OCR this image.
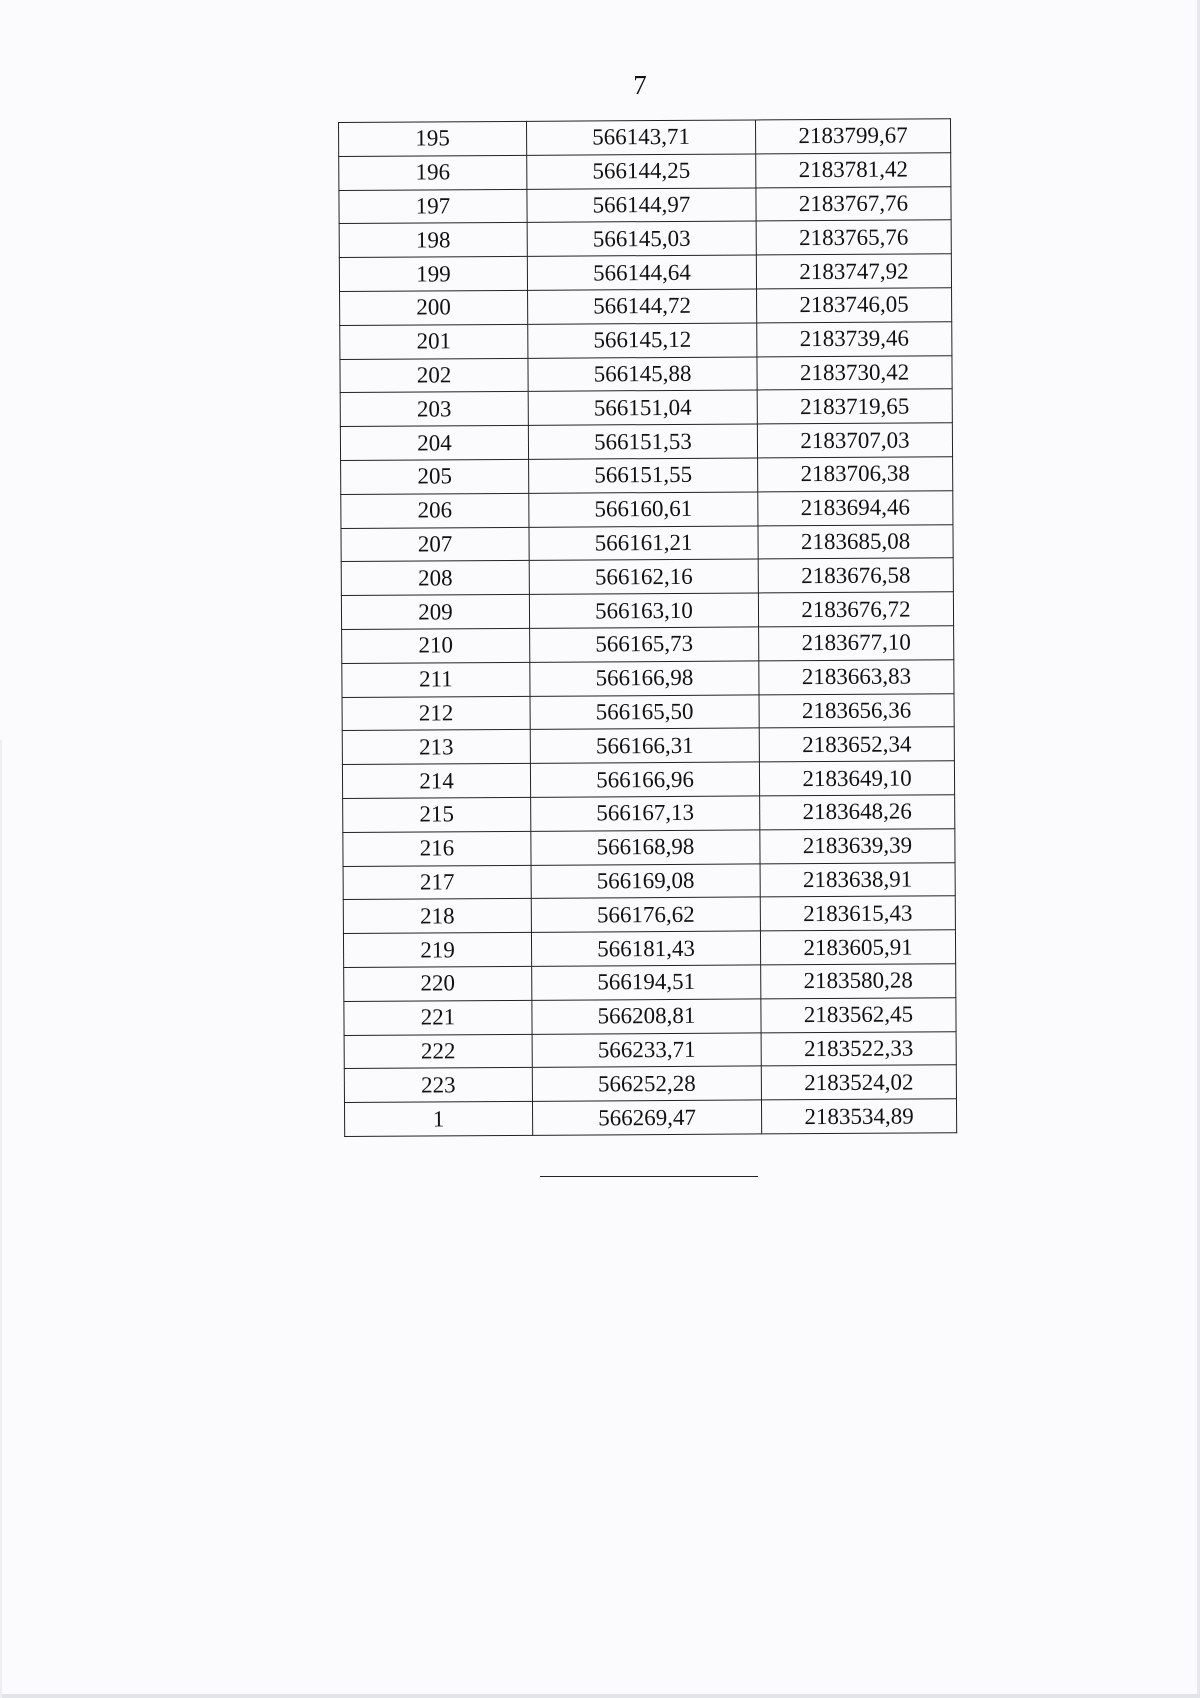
7
195	566143,71	2183799,67
196	566144,25	2183781,42
197	566144,97	2183767,76
198	566145,03	2183765,76
199	566144,64	2183747,92
200	566144,72	2183746,05
201	566145,12	2183739,46
202	566145,88	2183730,42
203	566151,04	2183719,65
204	566151,53	2183707,03
205	566151,55	2183706,38
206	566160,61	2183694,46
207	566161,21	2183685,08
208	566162,16	2183676,58
209	566163,10	2183676,72
210	566165,73	2183677,10
211	566166,98	2183663,83
212	566165,50	2183656,36
213	566166,31	2183652,34
214	566166,96	2183649,10
215	566167,13	2183648,26
216	566168,98	2183639,39
217	566169,08	2183638,91
218	566176,62	2183615,43
219	566181,43	2183605,91
220	566194,51	2183580,28
221	566208,81	2183562,45
222	566233,71	2183522,33
223	566252,28	2183524,02
1	566269,47	2183534,89
